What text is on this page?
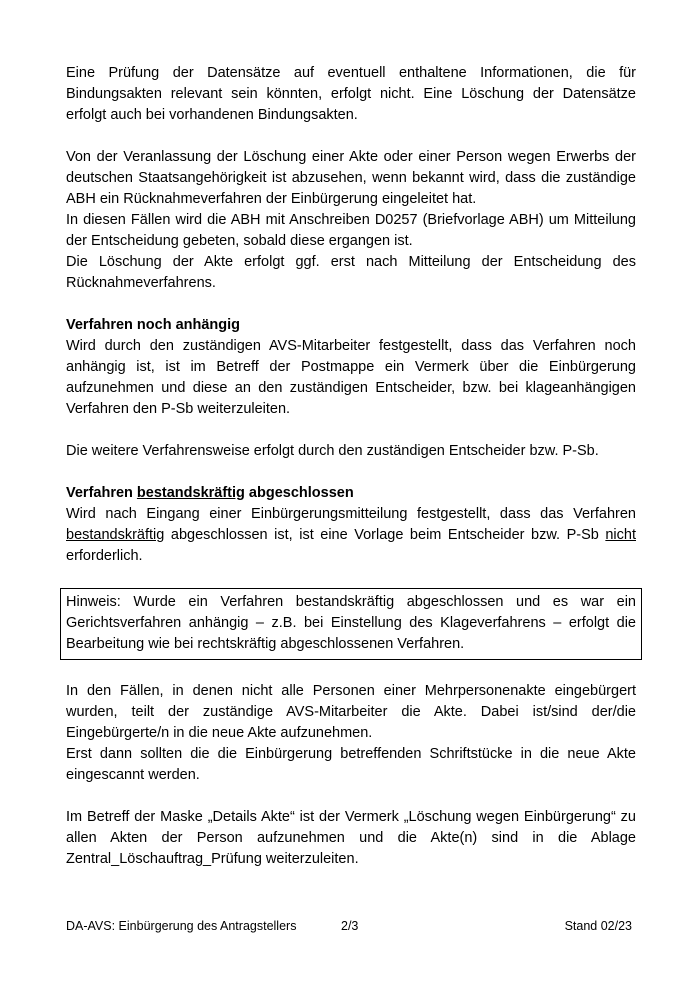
Eine Prüfung der Datensätze auf eventuell enthaltene Informationen, die für Bindungsakten relevant sein könnten, erfolgt nicht. Eine Löschung der Datensätze erfolgt auch bei vorhandenen Bindungsakten.

Von der Veranlassung der Löschung einer Akte oder einer Person wegen Erwerbs der deutschen Staatsangehörigkeit ist abzusehen, wenn bekannt wird, dass die zuständige ABH ein Rücknahmeverfahren der Einbürgerung eingeleitet hat.

In diesen Fällen wird die ABH mit Anschreiben D0257 (Briefvorlage ABH) um Mitteilung der Entscheidung gebeten, sobald diese ergangen ist.

Die Löschung der Akte erfolgt ggf. erst nach Mitteilung der Entscheidung des Rücknahmeverfahrens.

Verfahren noch anhängig

Wird durch den zuständigen AVS-Mitarbeiter festgestellt, dass das Verfahren noch anhängig ist, ist im Betreff der Postmappe ein Vermerk über die Einbürgerung aufzunehmen und diese an den zuständigen Entscheider, bzw. bei klageanhängigen Verfahren den P-Sb weiterzuleiten.

Die weitere Verfahrensweise erfolgt durch den zuständigen Entscheider bzw. P-Sb.

Verfahren bestandskräftig abgeschlossen

Wird nach Eingang einer Einbürgerungsmitteilung festgestellt, dass das Verfahren bestandskräftig abgeschlossen ist, ist eine Vorlage beim Entscheider bzw. P-Sb nicht erforderlich.

Hinweis: Wurde ein Verfahren bestandskräftig abgeschlossen und es war ein Gerichtsverfahren anhängig – z.B. bei Einstellung des Klageverfahrens – erfolgt die Bearbeitung wie bei rechtskräftig abgeschlossenen Verfahren.

In den Fällen, in denen nicht alle Personen einer Mehrpersonenakte eingebürgert wurden, teilt der zuständige AVS-Mitarbeiter die Akte. Dabei ist/sind der/die Eingebürgerte/n in die neue Akte aufzunehmen.

Erst dann sollten die die Einbürgerung betreffenden Schriftstücke in die neue Akte eingescannt werden.

Im Betreff der Maske „Details Akte“ ist der Vermerk „Löschung wegen Einbürgerung“ zu allen Akten der Person aufzunehmen und die Akte(n) sind in die Ablage Zentral_Löschauftrag_Prüfung weiterzuleiten.

DA-AVS: Einbürgerung des Antragstellers	2/3	Stand 02/23
